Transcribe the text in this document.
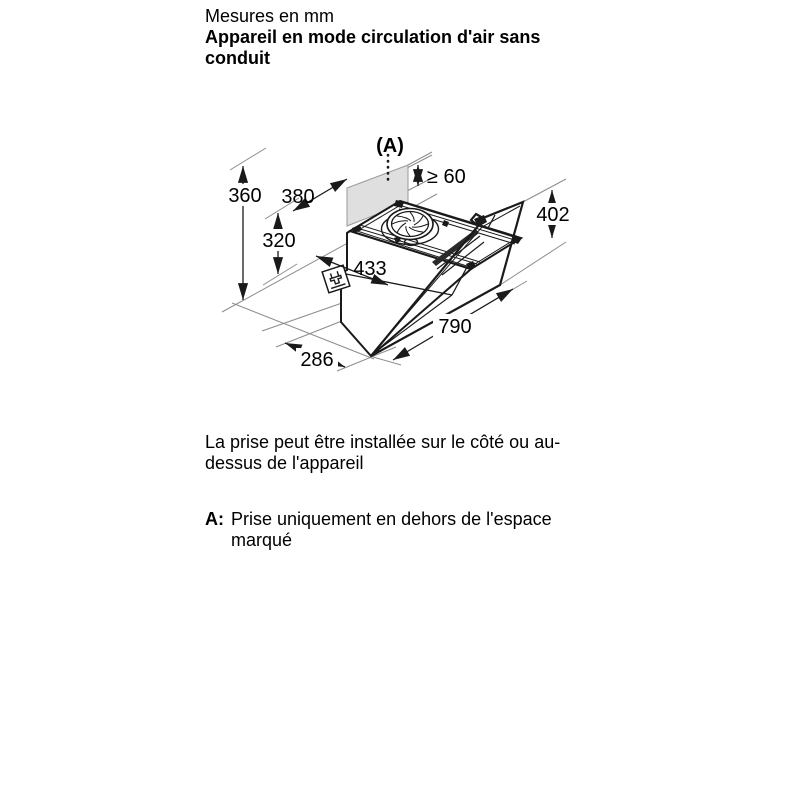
Mesures en mm
Appareil en mode circulation d'air sans conduit
360 380
320
433
790
402
286
≥ 60
(A)
La prise peut être installée sur le côté ou au-dessus de l'appareil
A: Prise uniquement en dehors de l'espace marqué
